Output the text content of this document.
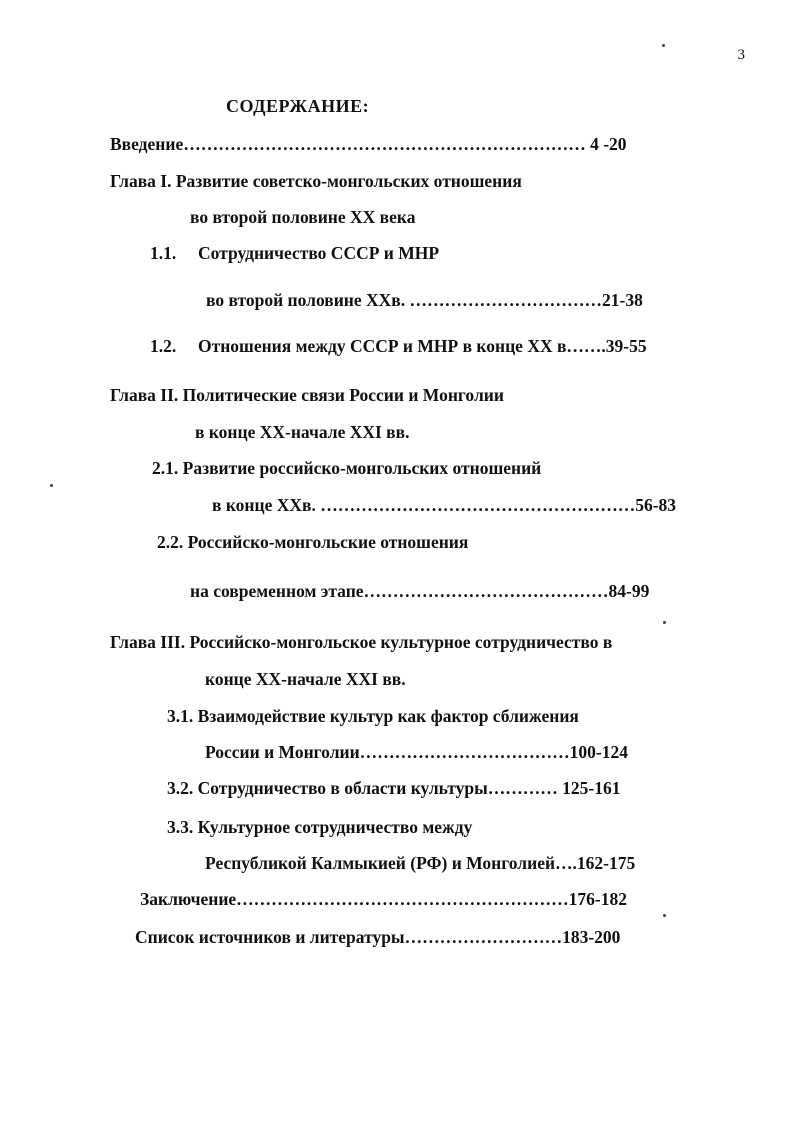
3
СОДЕРЖАНИЕ:
Введение…………………………………………………………… 4 -20
Глава I. Развитие советско-монгольских отношения
во второй половине XX века
1.1. Сотрудничество СССР и МНР
во второй половине XXв. ……………………………21-38
1.2. Отношения между СССР и МНР в конце XX в…….39-55
Глава II. Политические связи России и Монголии
в конце XX-начале XXI вв.
2.1. Развитие российско-монгольских отношений
в конце XXв. ………………………………………………56-83
2.2. Российско-монгольские отношения
на современном этапе……………………………………84-99
Глава III. Российско-монгольское культурное сотрудничество в
конце XX-начале XXI вв.
3.1. Взаимодействие культур как фактор сближения
России и Монголии………………………………100-124
3.2. Сотрудничество в области культуры………… 125-161
3.3. Культурное сотрудничество между
Республикой Калмыкией (РФ) и Монголией….162-175
Заключение…………………………………………………176-182
Список источников и литературы………………………183-200
